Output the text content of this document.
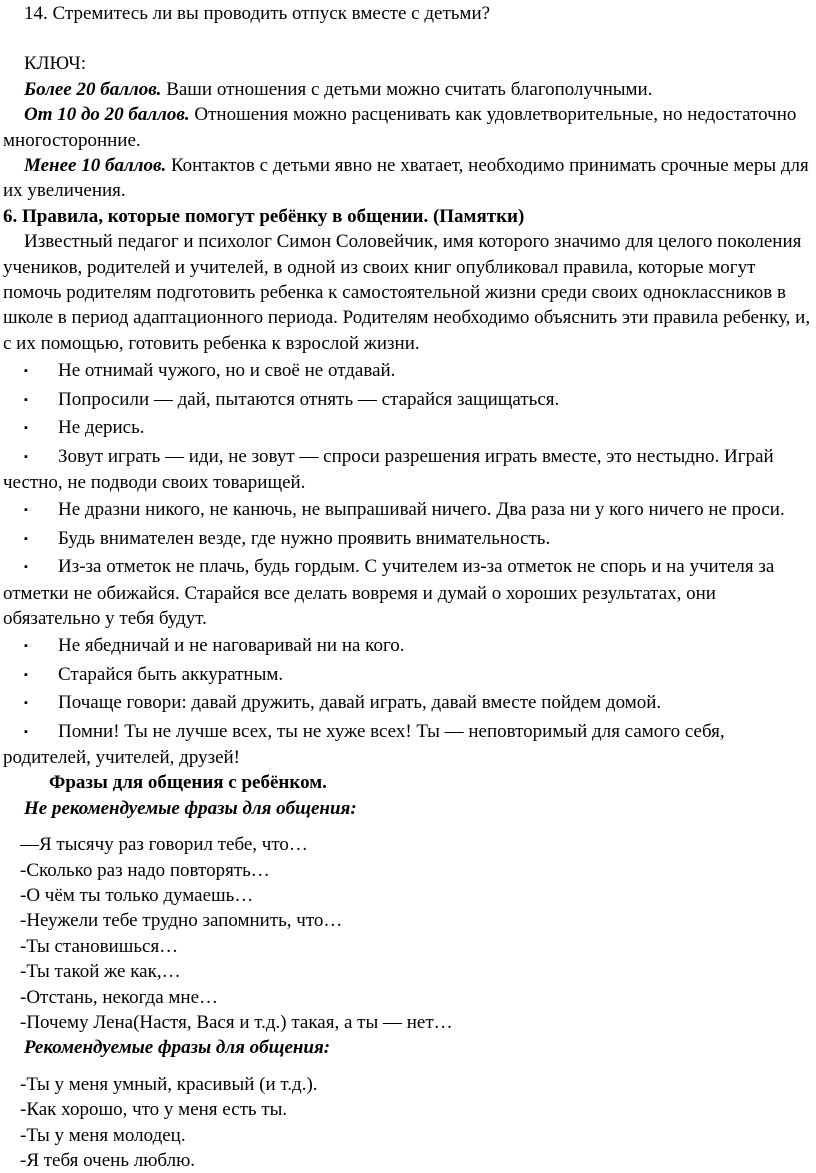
14. Стремитесь ли вы проводить отпуск вместе с детьми?

КЛЮЧ:

Более 20 баллов. Ваши отношения с детьми можно считать благополучными.

От 10 до 20 баллов. Отношения можно расценивать как удовлетворительные, но недостаточно многосторонние.

Менее 10 баллов. Контактов с детьми явно не хватает, необходимо принимать срочные меры для их увеличения.

6. Правила, которые помогут ребёнку в общении. (Памятки)

Известный педагог и психолог Симон Соловейчик, имя которого значимо для целого поколения учеников, родителей и учителей, в одной из своих книг опубликовал правила, которые могут помочь родителям подготовить ребенка к самостоятельной жизни среди своих одноклассников в школе в период адаптационного периода. Родителям необходимо объяснить эти правила ребенку, и, с их помощью, готовить ребенка к взрослой жизни.

▪ Не отнимай чужого, но и своё не отдавай.
▪ Попросили — дай, пытаются отнять — старайся защищаться.
▪ Не дерись.
▪ Зовут играть — иди, не зовут — спроси разрешения играть вместе, это нестыдно. Играй честно, не подводи своих товарищей.
▪ Не дразни никого, не канючь, не выпрашивай ничего. Два раза ни у кого ничего не проси.
▪ Будь внимателен везде, где нужно проявить внимательность.
▪ Из-за отметок не плачь, будь гордым. С учителем из-за отметок не спорь и на учителя за отметки не обижайся. Старайся все делать вовремя и думай о хороших результатах, они обязательно у тебя будут.
▪ Не ябедничай и не наговаривай ни на кого.
▪ Старайся быть аккуратным.
▪ Почаще говори: давай дружить, давай играть, давай вместе пойдем домой.
▪ Помни! Ты не лучше всех, ты не хуже всех! Ты — неповторимый для самого себя, родителей, учителей, друзей!

Фразы для общения с ребёнком.

Не рекомендуемые фразы для общения:

—Я тысячу раз говорил тебе, что…

-Сколько раз надо повторять…

-О чём ты только думаешь…

-Неужели тебе трудно запомнить, что…

-Ты становишься…

-Ты такой же как,…

-Отстань, некогда мне…

-Почему Лена(Настя, Вася и т.д.) такая, а ты — нет…

Рекомендуемые фразы для общения:

-Ты у меня умный, красивый (и т.д.).

-Как хорошо, что у меня есть ты.

-Ты у меня молодец.

-Я тебя очень люблю.
